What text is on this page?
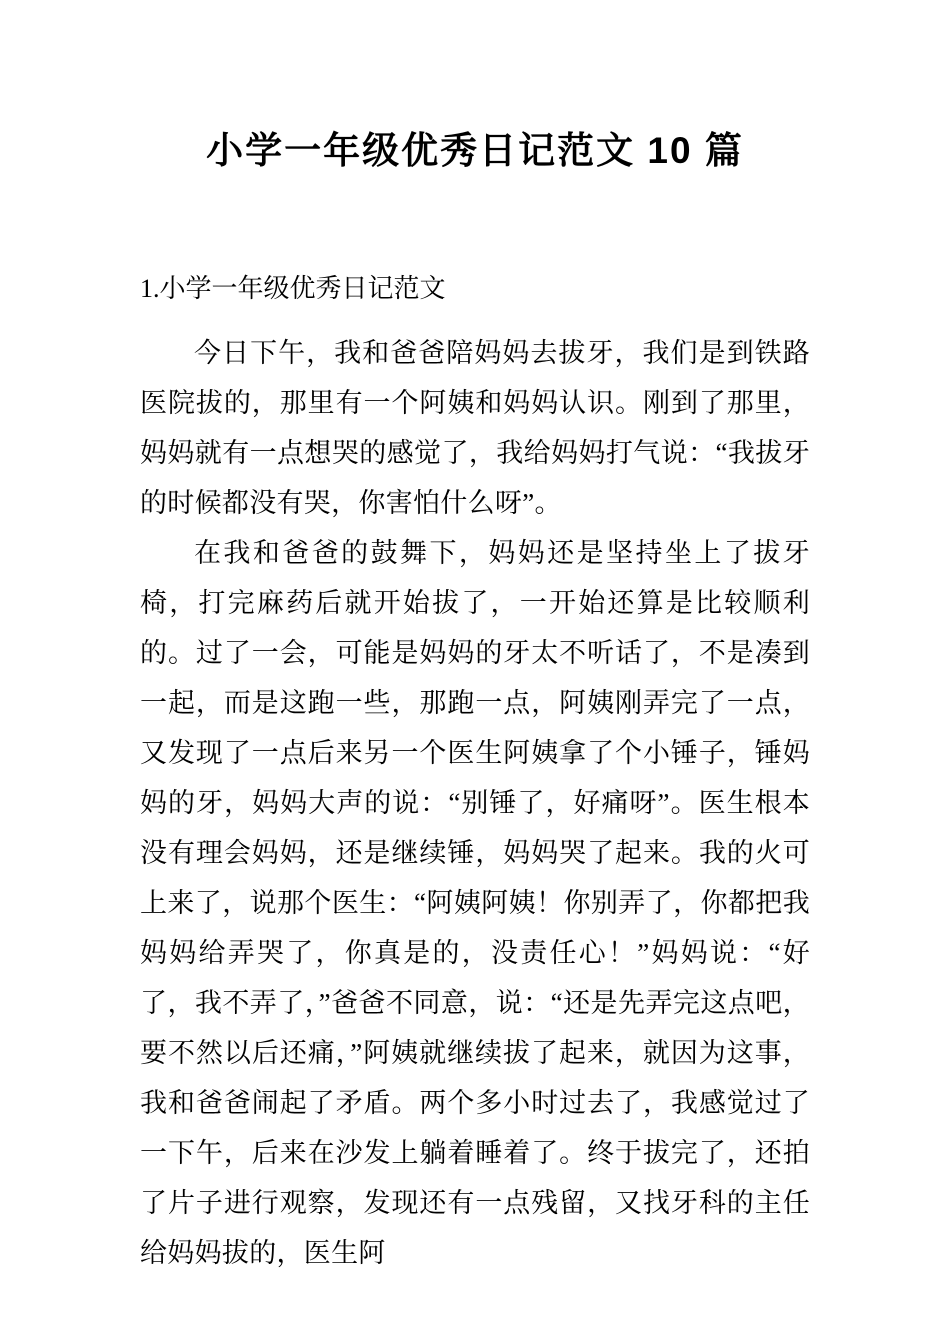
小学一年级优秀日记范文 10 篇
1.小学一年级优秀日记范文

今日下午，我和爸爸陪妈妈去拔牙，我们是到铁路医院拔的，那里有一个阿姨和妈妈认识。刚到了那里，妈妈就有一点想哭的感觉了，我给妈妈打气说：“我拔牙的时候都没有哭，你害怕什么呀”。

在我和爸爸的鼓舞下，妈妈还是坚持坐上了拔牙椅，打完麻药后就开始拔了，一开始还算是比较顺利的。过了一会，可能是妈妈的牙太不听话了，不是凑到一起，而是这跑一些，那跑一点，阿姨刚弄完了一点，又发现了一点后来另一个医生阿姨拿了个小锤子，锤妈妈的牙，妈妈大声的说：“别锤了，好痛呀”。医生根本没有理会妈妈，还是继续锤，妈妈哭了起来。我的火可上来了，说那个医生：“阿姨阿姨！你别弄了，你都把我妈妈给弄哭了，你真是的，没责任心！”妈妈说：“好了，我不弄了，”爸爸不同意，说：“还是先弄完这点吧，要不然以后还痛，”阿姨就继续拔了起来，就因为这事，我和爸爸闹起了矛盾。两个多小时过去了，我感觉过了一下午，后来在沙发上躺着睡着了。终于拔完了，还拍了片子进行观察，发现还有一点残留，又找牙科的主任给妈妈拔的，医生阿
